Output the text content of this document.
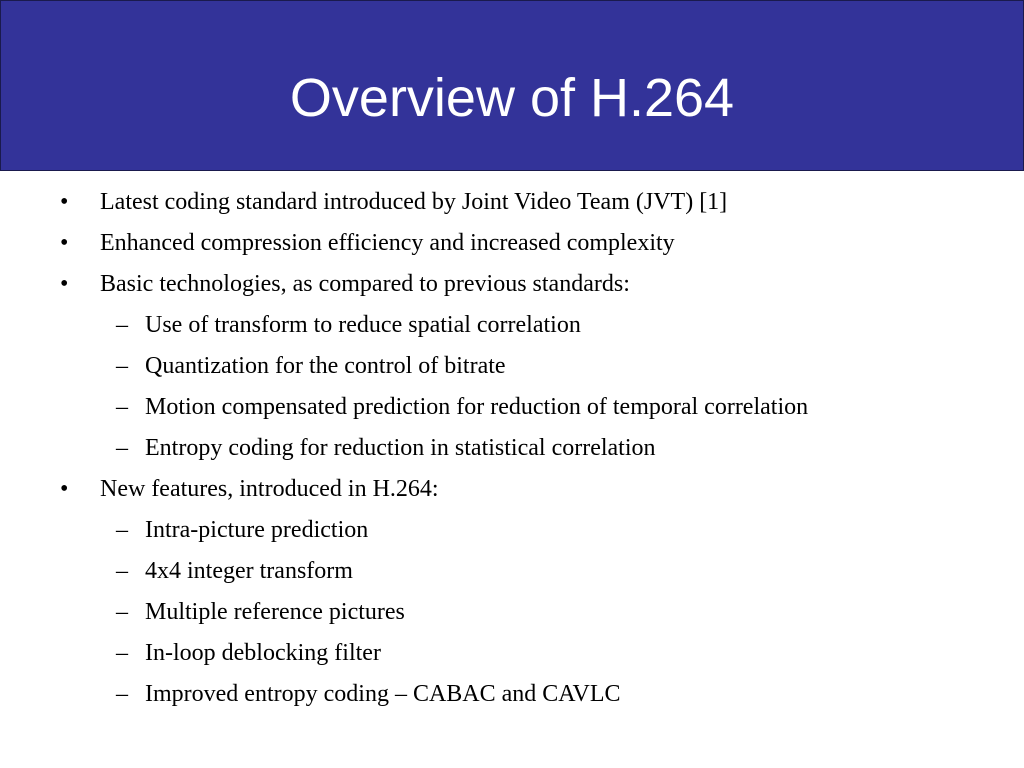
Overview of H.264
• Latest coding standard introduced by Joint Video Team (JVT) [1]
• Enhanced compression efficiency and increased complexity
• Basic technologies, as compared to previous standards:
– Use of transform to reduce spatial correlation
– Quantization for the control of bitrate
– Motion compensated prediction for reduction of temporal correlation
– Entropy coding for reduction in statistical correlation
• New features, introduced in H.264:
– Intra-picture prediction
– 4x4 integer transform
– Multiple reference pictures
– In-loop deblocking filter
– Improved entropy coding – CABAC and CAVLC
